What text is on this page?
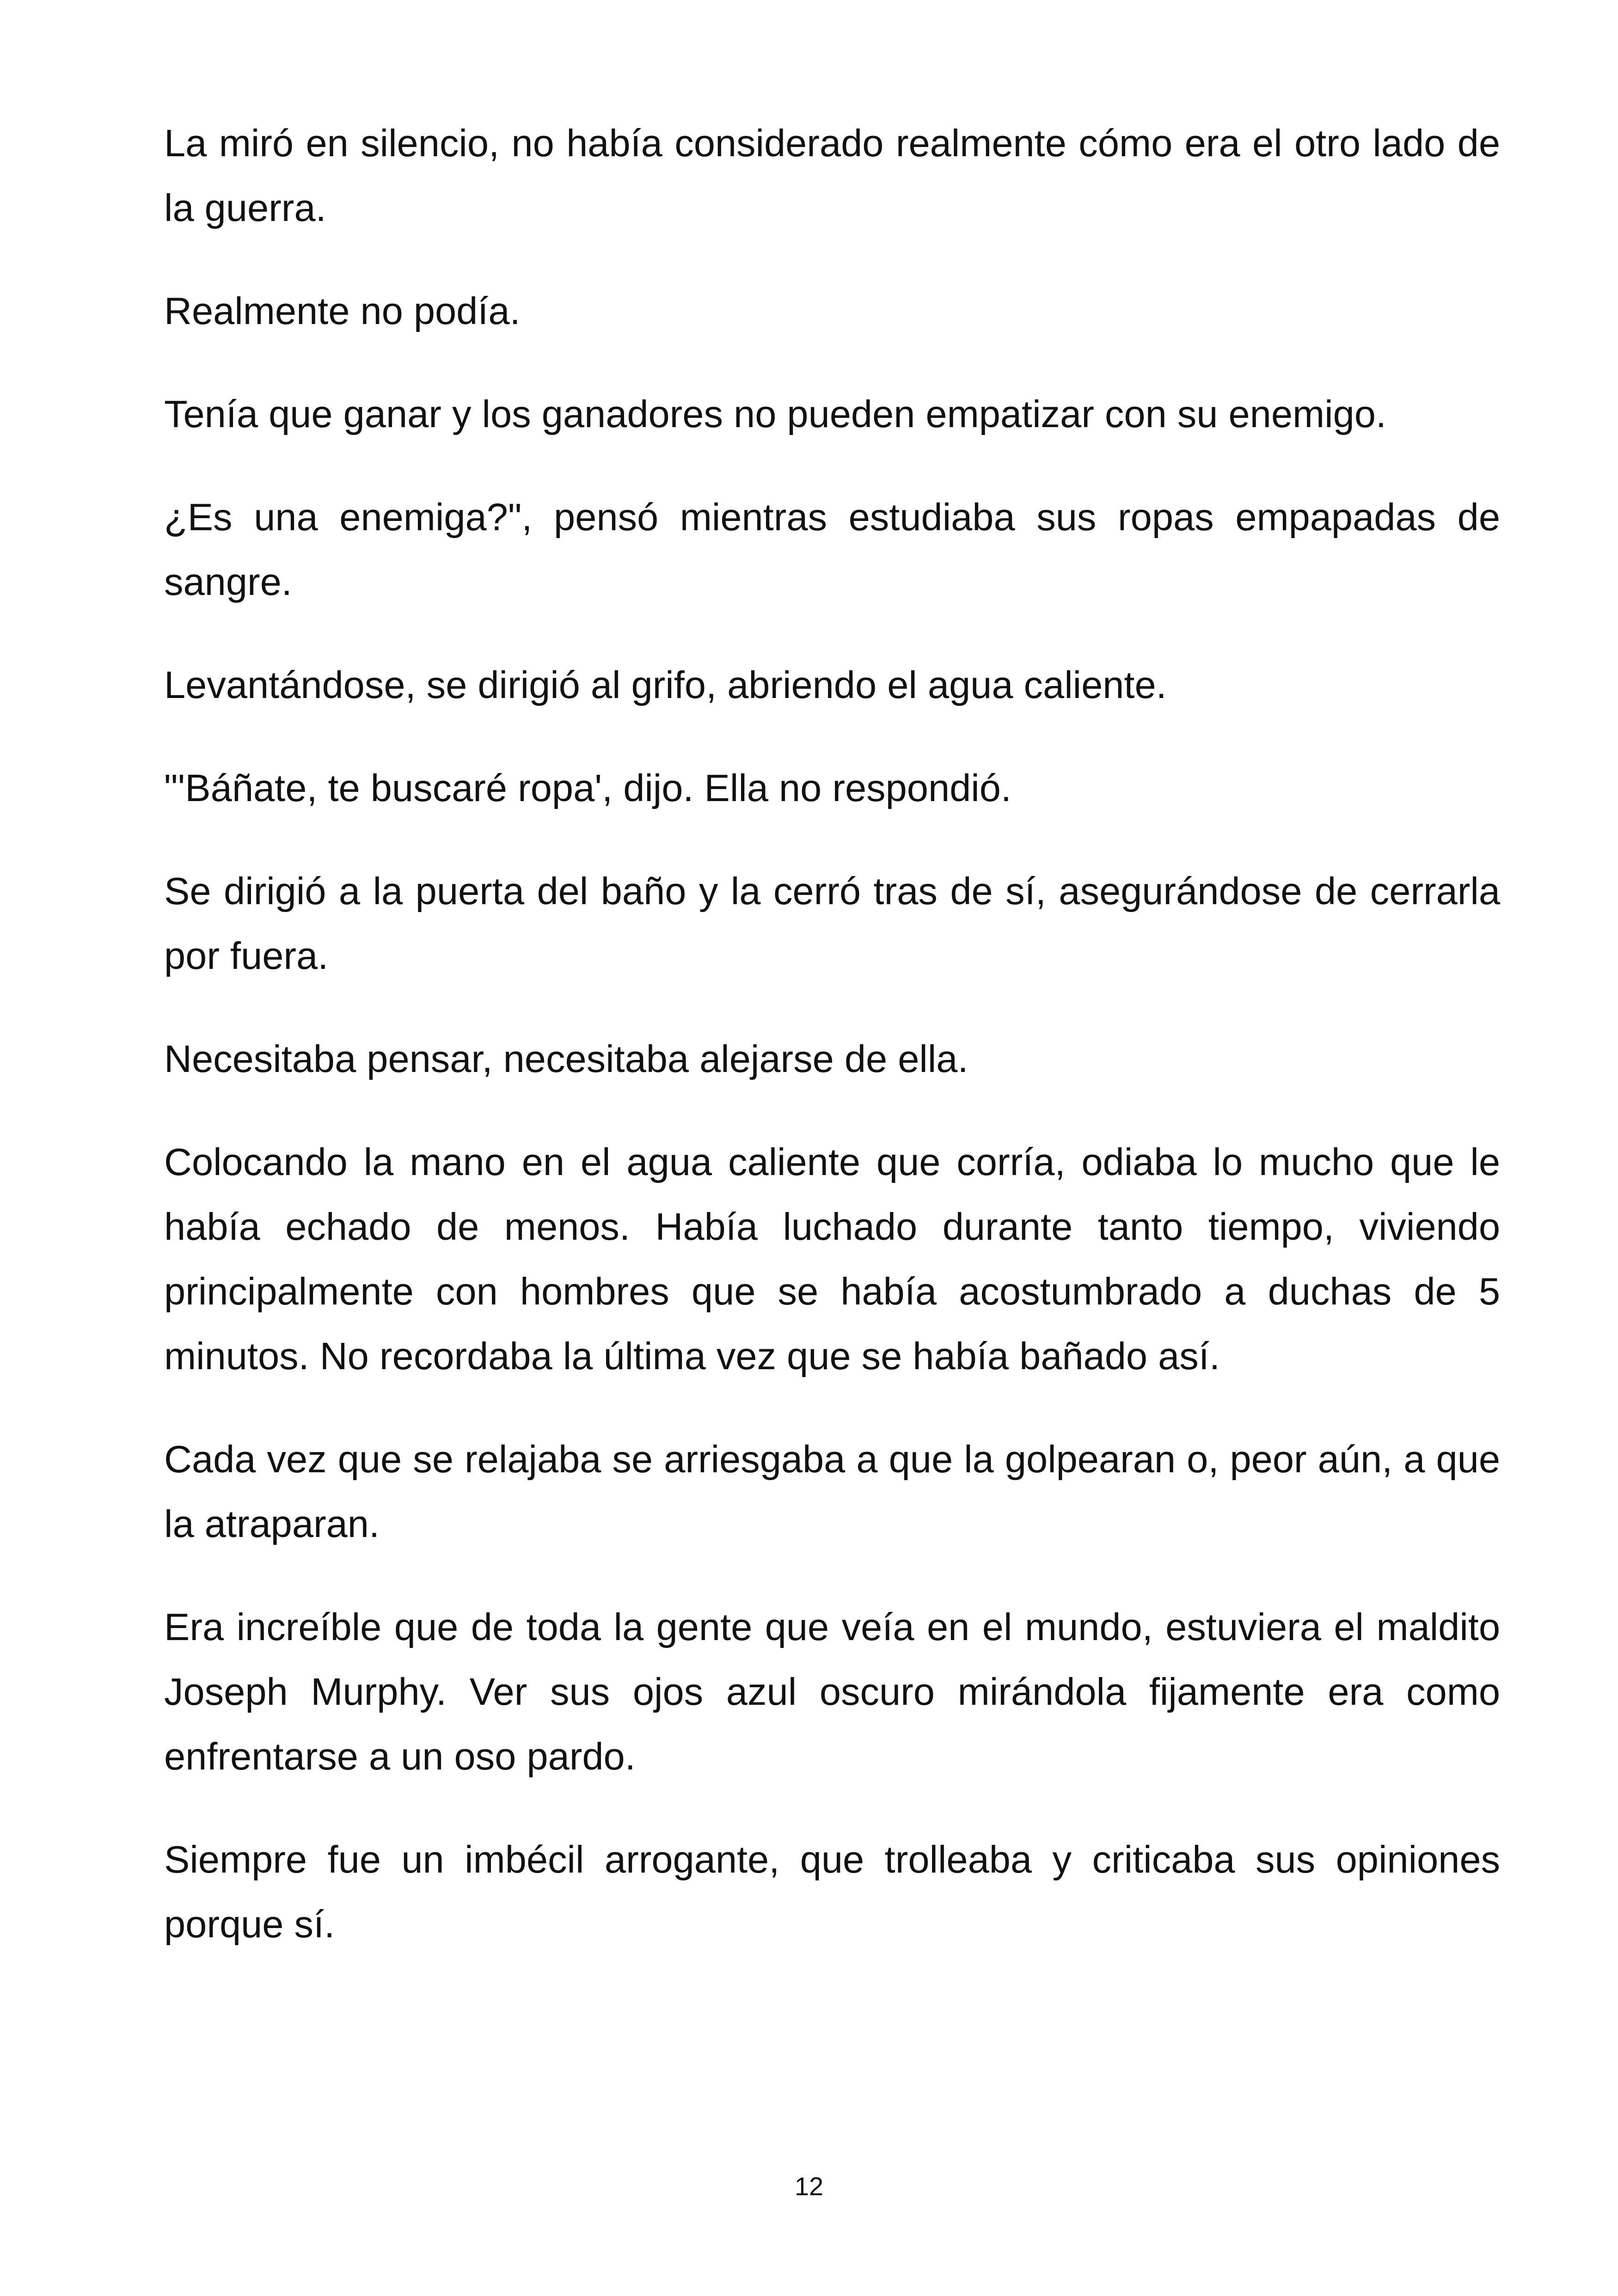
La miró en silencio, no había considerado realmente cómo era el otro lado de la guerra.

Realmente no podía.

Tenía que ganar y los ganadores no pueden empatizar con su enemigo.

¿Es una enemiga?", pensó mientras estudiaba sus ropas empapadas de sangre.

Levantándose, se dirigió al grifo, abriendo el agua caliente.

"'Báñate, te buscaré ropa', dijo. Ella no respondió.

Se dirigió a la puerta del baño y la cerró tras de sí, asegurándose de cerrarla por fuera.

Necesitaba pensar, necesitaba alejarse de ella.

Colocando la mano en el agua caliente que corría, odiaba lo mucho que le había echado de menos. Había luchado durante tanto tiempo, viviendo principalmente con hombres que se había acostumbrado a duchas de 5 minutos. No recordaba la última vez que se había bañado así.

Cada vez que se relajaba se arriesgaba a que la golpearan o, peor aún, a que la atraparan.

Era increíble que de toda la gente que veía en el mundo, estuviera el maldito Joseph Murphy. Ver sus ojos azul oscuro mirándola fijamente era como enfrentarse a un oso pardo.

Siempre fue un imbécil arrogante, que trolleaba y criticaba sus opiniones porque sí.

12
